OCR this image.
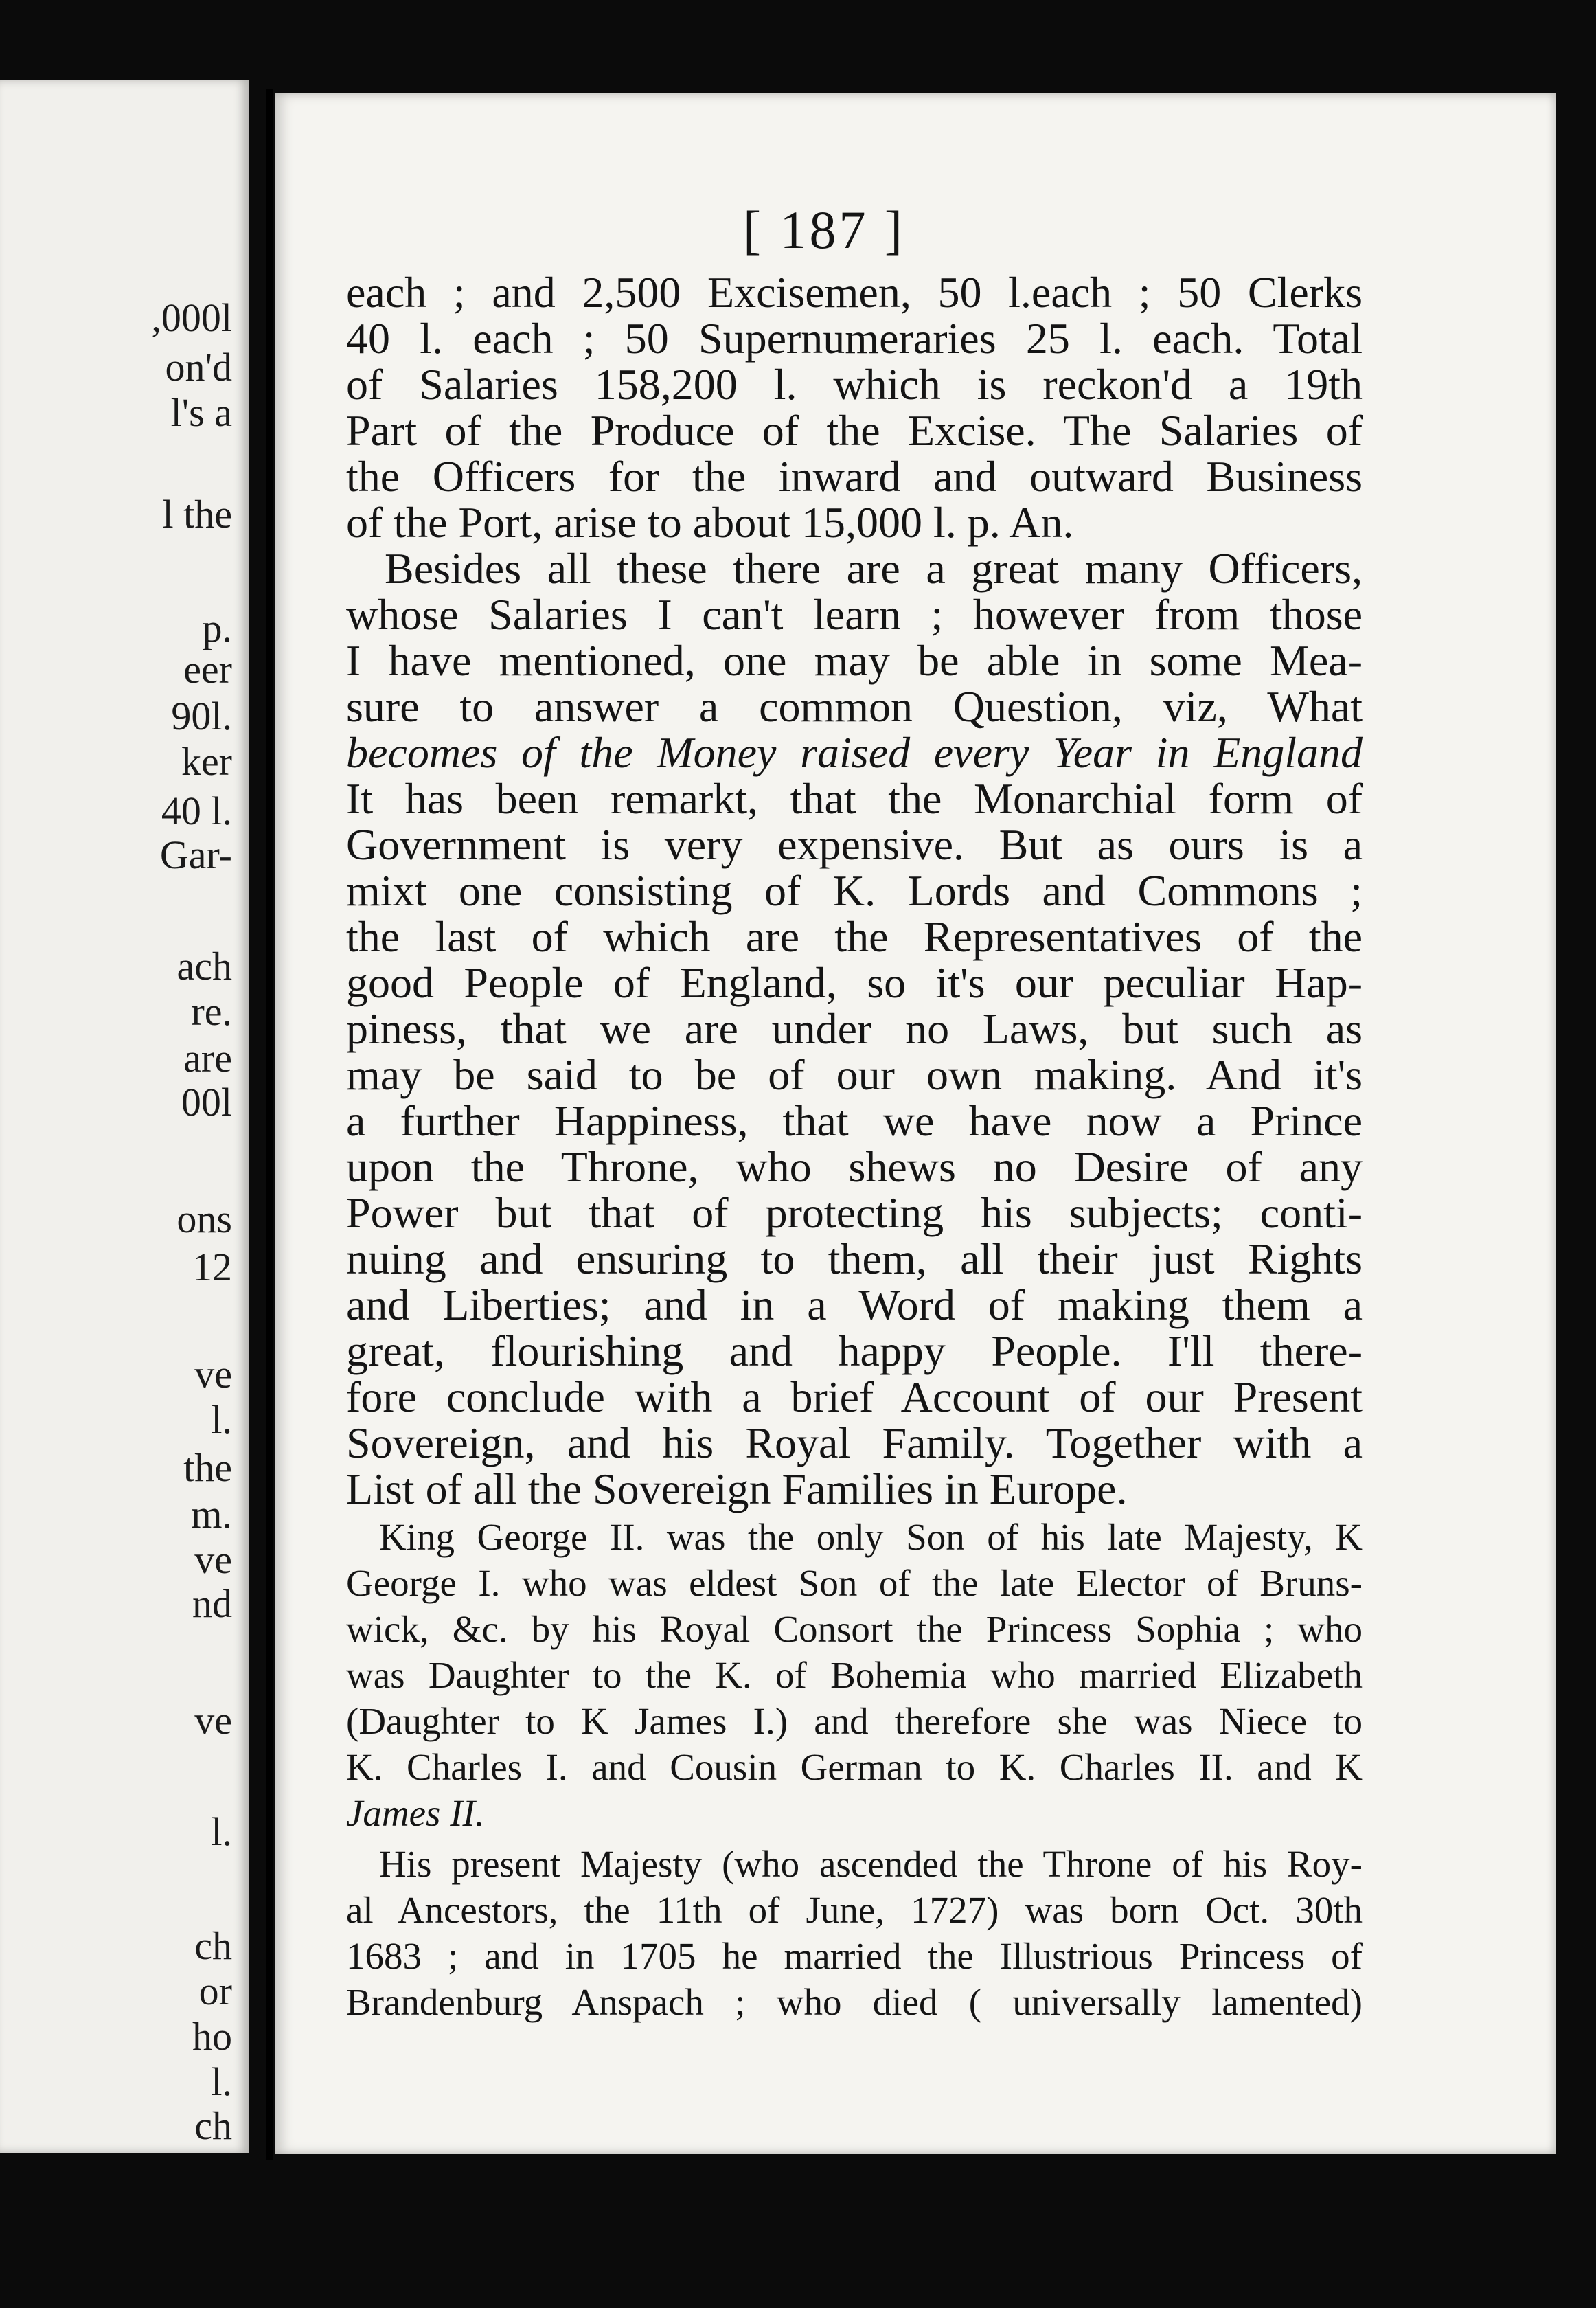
,000l
on'd
l's a
l the
p.
eer
90l.
ker
40 l.
Gar-
ach
re.
are
00l
ons
12
ve
l.
the
m.
ve
nd
ve
l.
ch
or
ho
l.
ch
[ 187 ]
each ; and 2,500 Excisemen, 50 l.each ; 50 Clerks
40 l. each ; 50 Supernumeraries 25 l. each. Total
of Salaries 158,200 l. which is reckon'd a 19th
Part of the Produce of the Excise. The Salaries of
the Officers for the inward and outward Business
of the Port, arise to about 15,000 l. p. An.
Besides all these there are a great many Officers,
whose Salaries I can't learn ; however from those
I have mentioned, one may be able in some Mea-
sure to answer a common Question, viz, What
becomes of the Money raised every Year in England
It has been remarkt, that the Monarchial form of
Government is very expensive. But as ours is a
mixt one consisting of K. Lords and Commons ;
the last of which are the Representatives of the
good People of England, so it's our peculiar Hap-
piness, that we are under no Laws, but such as
may be said to be of our own making. And it's
a further Happiness, that we have now a Prince
upon the Throne, who shews no Desire of any
Power but that of protecting his subjects; conti-
nuing and ensuring to them, all their just Rights
and Liberties; and in a Word of making them a
great, flourishing and happy People. I'll there-
fore conclude with a brief Account of our Present
Sovereign, and his Royal Family. Together with a
List of all the Sovereign Families in Europe.
King George II. was the only Son of his late Majesty, K
George I. who was eldest Son of the late Elector of Bruns-
wick, &c. by his Royal Consort the Princess Sophia ; who
was Daughter to the K. of Bohemia who married Elizabeth
(Daughter to K James I.) and therefore she was Niece to
K. Charles I. and Cousin German to K. Charles II. and K
James II.
His present Majesty (who ascended the Throne of his Roy-
al Ancestors, the 11th of June, 1727) was born Oct. 30th
1683 ; and in 1705 he married the Illustrious Princess of
Brandenburg Anspach ; who died ( universally lamented)
